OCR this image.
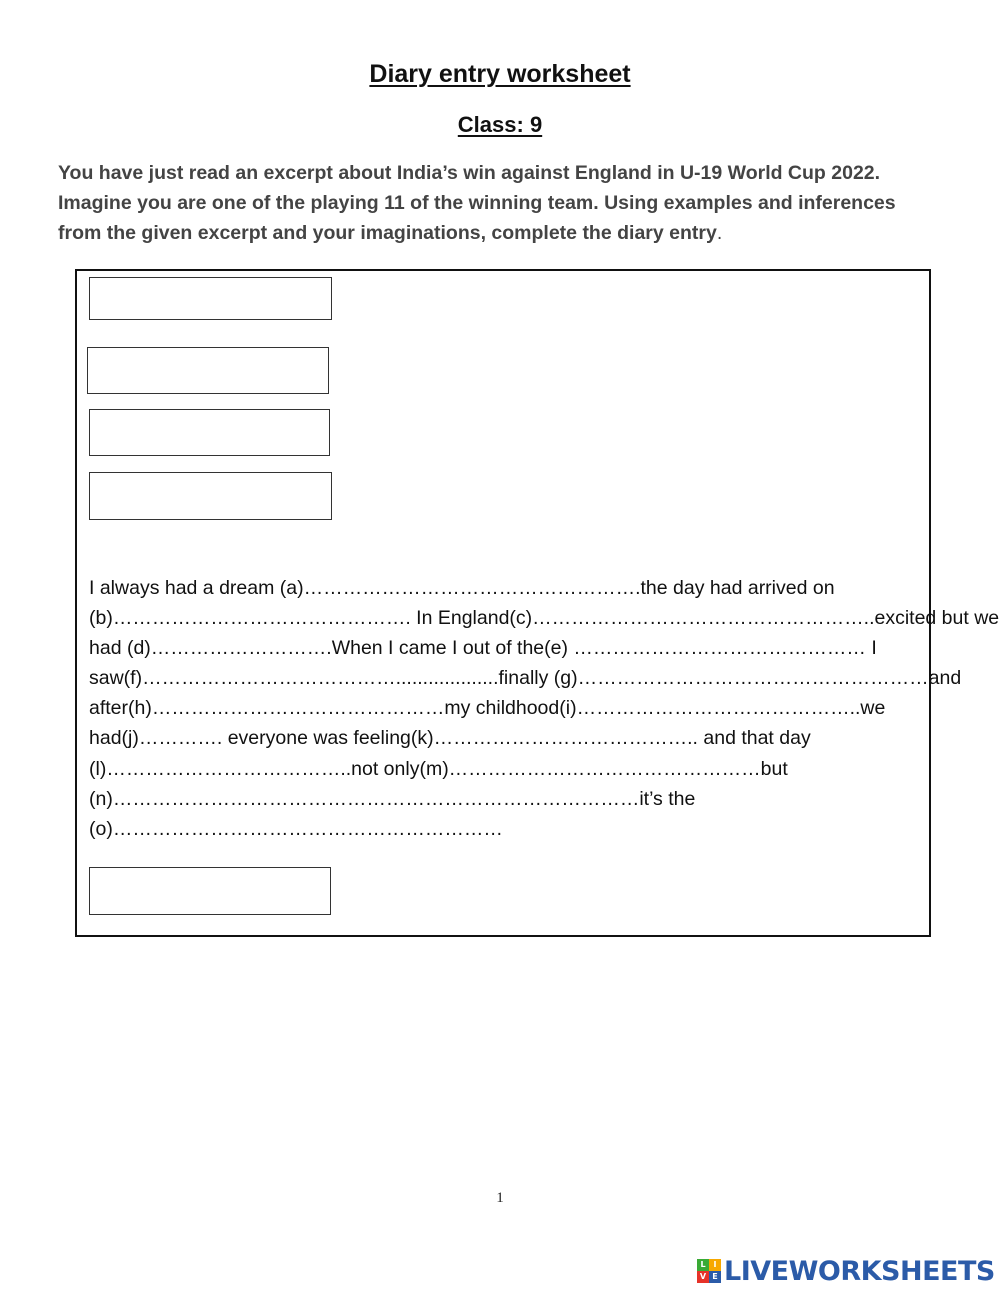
Diary entry worksheet
Class: 9
You have just read an excerpt about India’s win against England in U-19 World Cup 2022.
Imagine you are one of the playing 11 of the winning team. Using examples and inferences
from the given excerpt and your imaginations, complete the diary entry.
I always had a dream (a)…………………………………………….the day had arrived on
(b)………………………………………. In England(c)……………………………………………..excited but we
had (d)……………………….When I came I out of the(e) ……………………………………… I
saw(f)…………………………………...................finally (g)………………………………………………and
after(h)………………………………………my childhood(i)……………………………………..we
had(j)…………. everyone was feeling(k)………………………………….. and that day
(l)………………………………..not only(m)…………………………………………but
(n)………………………………………………………………………it’s the
(o)……………………………………………………
1
L I
V E LIVEWORKSHEETS
